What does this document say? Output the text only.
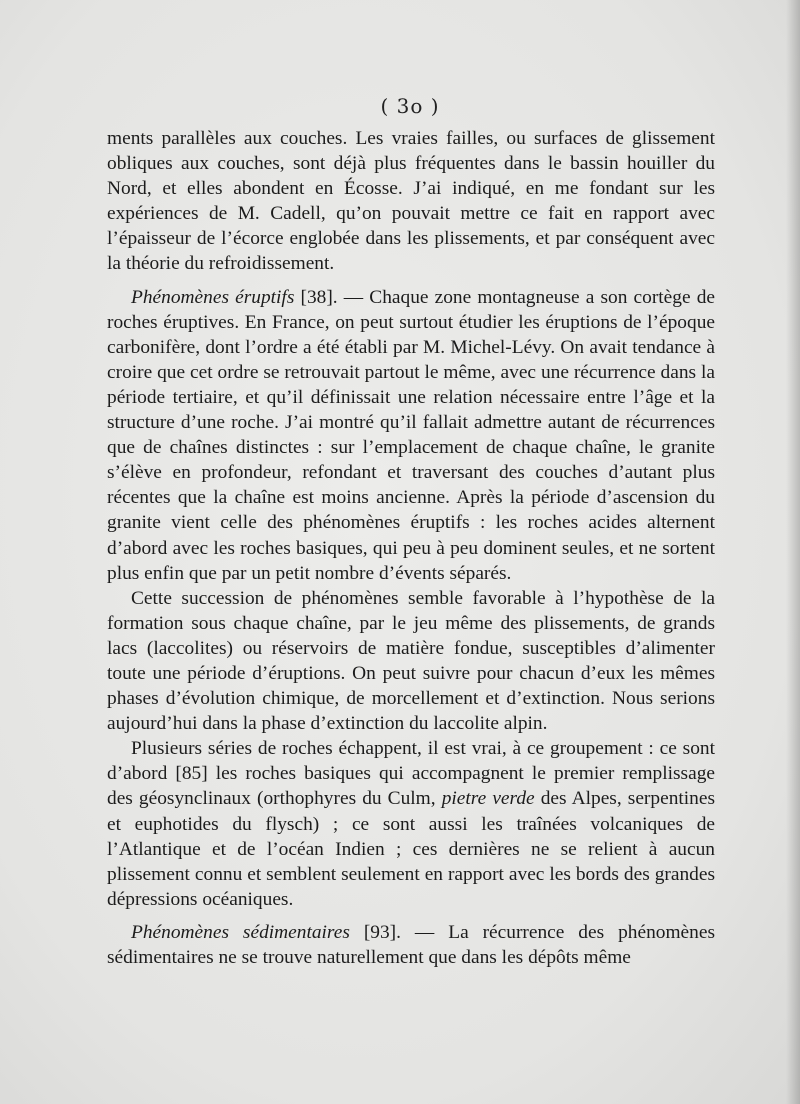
( 3o )

ments parallèles aux couches. Les vraies failles, ou surfaces de glissement obliques aux couches, sont déjà plus fréquentes dans le bassin houiller du Nord, et elles abondent en Écosse. J’ai indiqué, en me fondant sur les expériences de M. Cadell, qu’on pouvait mettre ce fait en rapport avec l’épaisseur de l’écorce englobée dans les plissements, et par conséquent avec la théorie du refroidissement.

Phénomènes éruptifs [38]. — Chaque zone montagneuse a son cortège de roches éruptives. En France, on peut surtout étudier les éruptions de l’époque carbonifère, dont l’ordre a été établi par M. Michel-Lévy. On avait tendance à croire que cet ordre se retrouvait partout le même, avec une récurrence dans la période tertiaire, et qu’il définissait une relation nécessaire entre l’âge et la structure d’une roche. J’ai montré qu’il fallait admettre autant de récurrences que de chaînes distinctes : sur l’emplacement de chaque chaîne, le granite s’élève en profondeur, refondant et traversant des couches d’autant plus récentes que la chaîne est moins ancienne. Après la période d’ascension du granite vient celle des phénomènes éruptifs : les roches acides alternent d’abord avec les roches basiques, qui peu à peu dominent seules, et ne sortent plus enfin que par un petit nombre d’évents séparés.

Cette succession de phénomènes semble favorable à l’hypothèse de la formation sous chaque chaîne, par le jeu même des plissements, de grands lacs (laccolites) ou réservoirs de matière fondue, susceptibles d’alimenter toute une période d’éruptions. On peut suivre pour chacun d’eux les mêmes phases d’évolution chimique, de morcellement et d’extinction. Nous serions aujourd’hui dans la phase d’extinction du laccolite alpin.

Plusieurs séries de roches échappent, il est vrai, à ce groupement : ce sont d’abord [85] les roches basiques qui accompagnent le premier remplissage des géosynclinaux (orthophyres du Culm, pietre verde des Alpes, serpentines et euphotides du flysch) ; ce sont aussi les traînées volcaniques de l’Atlantique et de l’océan Indien ; ces dernières ne se relient à aucun plissement connu et semblent seulement en rapport avec les bords des grandes dépressions océaniques.

Phénomènes sédimentaires [93]. — La récurrence des phénomènes sédimentaires ne se trouve naturellement que dans les dépôts même
